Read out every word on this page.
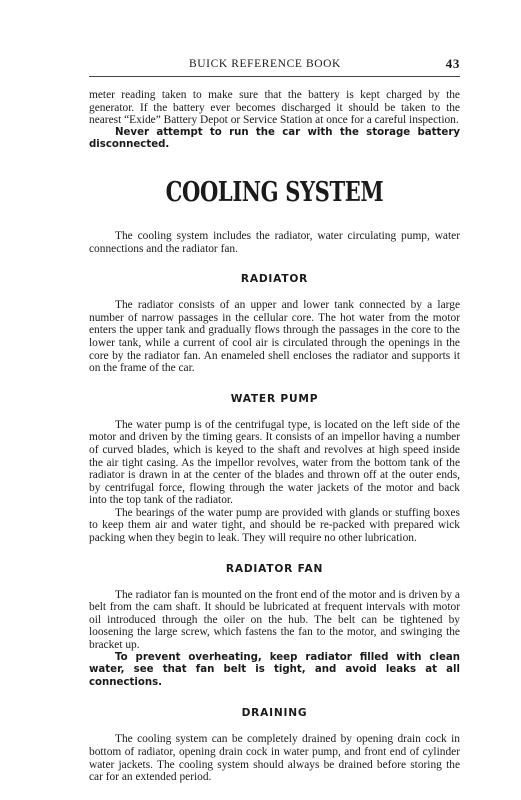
BUICK REFERENCE BOOK	43

meter reading taken to make sure that the battery is kept charged by the generator. If the battery ever becomes discharged it should be taken to the nearest “Exide” Battery Depot or Service Station at once for a careful inspection.

Never attempt to run the car with the storage battery disconnected.

COOLING SYSTEM

The cooling system includes the radiator, water circulating pump, water connections and the radiator fan.

RADIATOR

The radiator consists of an upper and lower tank connected by a large number of narrow passages in the cellular core. The hot water from the motor enters the upper tank and gradually flows through the passages in the core to the lower tank, while a current of cool air is circulated through the openings in the core by the radiator fan. An enameled shell encloses the radiator and supports it on the frame of the car.

WATER PUMP

The water pump is of the centrifugal type, is located on the left side of the motor and driven by the timing gears. It consists of an impellor having a number of curved blades, which is keyed to the shaft and revolves at high speed inside the air tight casing. As the impellor revolves, water from the bottom tank of the radiator is drawn in at the center of the blades and thrown off at the outer ends, by centrifugal force, flowing through the water jackets of the motor and back into the top tank of the radiator.

The bearings of the water pump are provided with glands or stuffing boxes to keep them air and water tight, and should be re-packed with prepared wick packing when they begin to leak. They will require no other lubrication.

RADIATOR FAN

The radiator fan is mounted on the front end of the motor and is driven by a belt from the cam shaft. It should be lubricated at frequent intervals with motor oil introduced through the oiler on the hub. The belt can be tightened by loosening the large screw, which fastens the fan to the motor, and swinging the bracket up.

To prevent overheating, keep radiator filled with clean water, see that fan belt is tight, and avoid leaks at all connections.

DRAINING

The cooling system can be completely drained by opening drain cock in bottom of radiator, opening drain cock in water pump, and front end of cylinder water jackets. The cooling system should always be drained before storing the car for an extended period.
